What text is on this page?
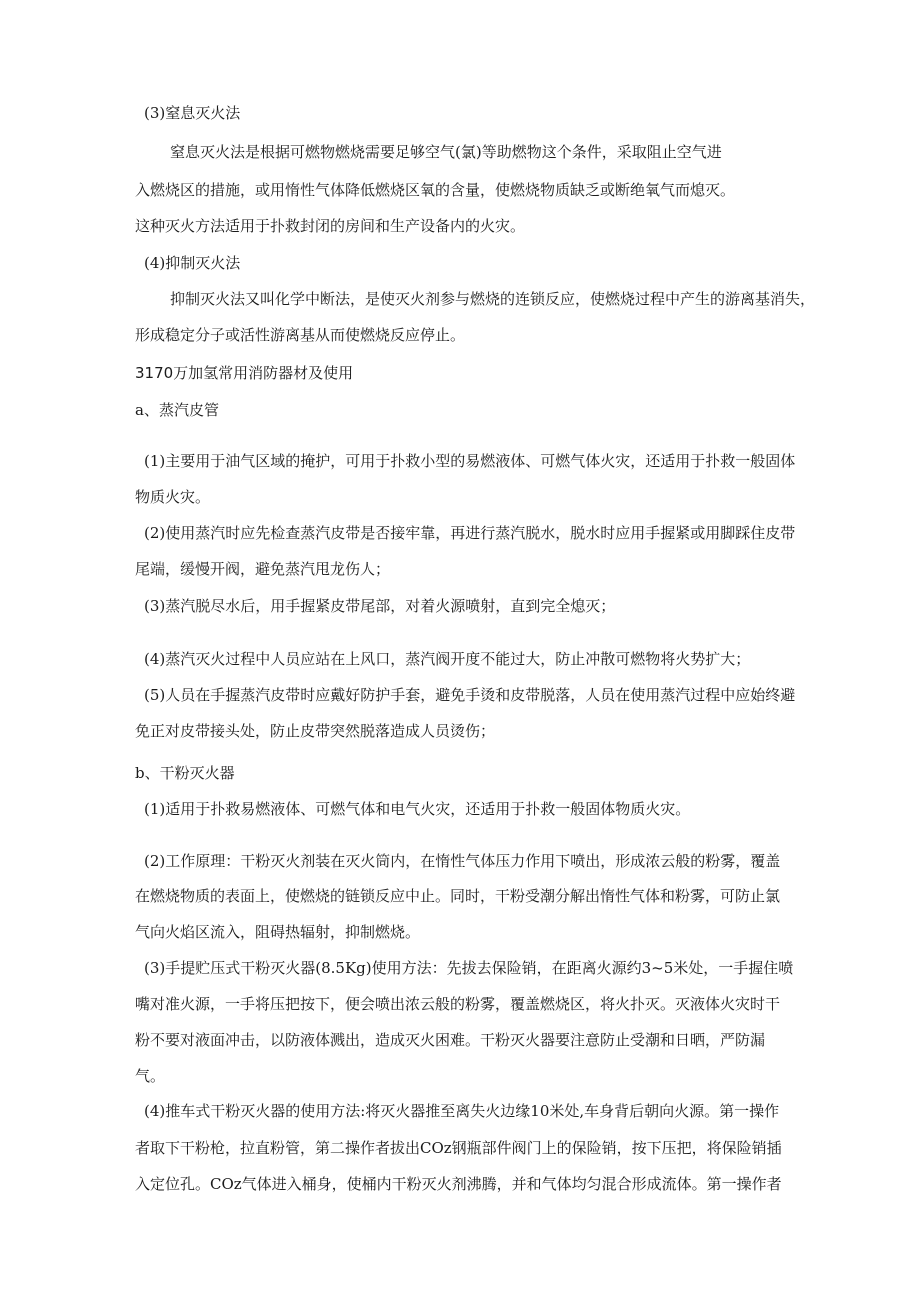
(3)窒息灭火法
窒息灭火法是根据可燃物燃烧需要足够空气(氯)等助燃物这个条件，采取阻止空气进
入燃烧区的措施，或用惰性气体降低燃烧区氧的含量，使燃烧物质缺乏或断绝氧气而熄灭。
这种灭火方法适用于扑救封闭的房间和生产设备内的火灾。
(4)抑制灭火法
抑制灭火法又叫化学中断法，是使灭火剂参与燃烧的连锁反应，使燃烧过程中产生的游离基消失，
形成稳定分子或活性游离基从而使燃烧反应停止。
3170万加氢常用消防器材及使用
a、蒸汽皮管
(1)主要用于油气区域的掩护，可用于扑救小型的易燃液体、可燃气体火灾，还适用于扑救一般固体
物质火灾。
(2)使用蒸汽时应先检查蒸汽皮带是否接牢靠，再进行蒸汽脱水，脱水时应用手握紧或用脚踩住皮带
尾端，缓慢开阀，避免蒸汽甩龙伤人；
(3)蒸汽脱尽水后，用手握紧皮带尾部，对着火源喷射，直到完全熄灭；
(4)蒸汽灭火过程中人员应站在上风口，蒸汽阀开度不能过大，防止冲散可燃物将火势扩大；
(5)人员在手握蒸汽皮带时应戴好防护手套，避免手烫和皮带脱落，人员在使用蒸汽过程中应始终避
免正对皮带接头处，防止皮带突然脱落造成人员烫伤；
b、干粉灭火器
(1)适用于扑救易燃液体、可燃气体和电气火灾，还适用于扑救一般固体物质火灾。
(2)工作原理：干粉灭火剂装在灭火筒内，在惰性气体压力作用下喷出，形成浓云般的粉雾，覆盖
在燃烧物质的表面上，使燃烧的链锁反应中止。同时，干粉受潮分解出惰性气体和粉雾，可防止氯
气向火焰区流入，阻碍热辐射，抑制燃烧。
(3)手提贮压式干粉灭火器(8.5Kg)使用方法：先拔去保险销，在距离火源约3~5米处，一手握住喷
嘴对准火源，一手将压把按下，便会喷出浓云般的粉雾，覆盖燃烧区，将火扑灭。灭液体火灾时干
粉不要对液面冲击，以防液体溅出，造成灭火困难。干粉灭火器要注意防止受潮和日晒，严防漏
气。
(4)推车式干粉灭火器的使用方法:将灭火器推至离失火边缘10米处,车身背后朝向火源。第一操作
者取下干粉枪，拉直粉管，第二操作者拔出COz钢瓶部件阀门上的保险销，按下压把，将保险销插
入定位孔。COz气体进入桶身，使桶内干粉灭火剂沸腾，并和气体均匀混合形成流体。第一操作者
